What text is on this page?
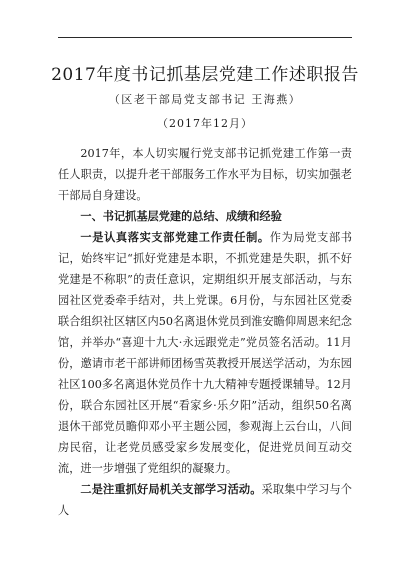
2017年度书记抓基层党建工作述职报告
（区老干部局党支部书记 王海燕）
（2017年12月）

2017年，本人切实履行党支部书记抓党建工作第一责任人职责，以提升老干部服务工作水平为目标，切实加强老干部局自身建设。

一、书记抓基层党建的总结、成绩和经验

一是认真落实支部党建工作责任制。作为局党支部书记，始终牢记“抓好党建是本职，不抓党建是失职，抓不好党建是不称职”的责任意识，定期组织开展支部活动，与东园社区党委牵手结对，共上党课。6月份，与东园社区党委联合组织社区辖区内50名离退休党员到淮安瞻仰周恩来纪念馆，并举办“喜迎十九大·永远跟党走”党员签名活动。11月份，邀请市老干部讲师团杨雪英教授开展送学活动，为东园社区100多名离退休党员作十九大精神专题授课辅导。12月份，联合东园社区开展“看家乡·乐夕阳”活动，组织50名离退休干部党员瞻仰邓小平主题公园，参观海上云台山，八间房民宿，让老党员感受家乡发展变化，促进党员间互动交流，进一步增强了党组织的凝聚力。

二是注重抓好局机关支部学习活动。采取集中学习与个人
